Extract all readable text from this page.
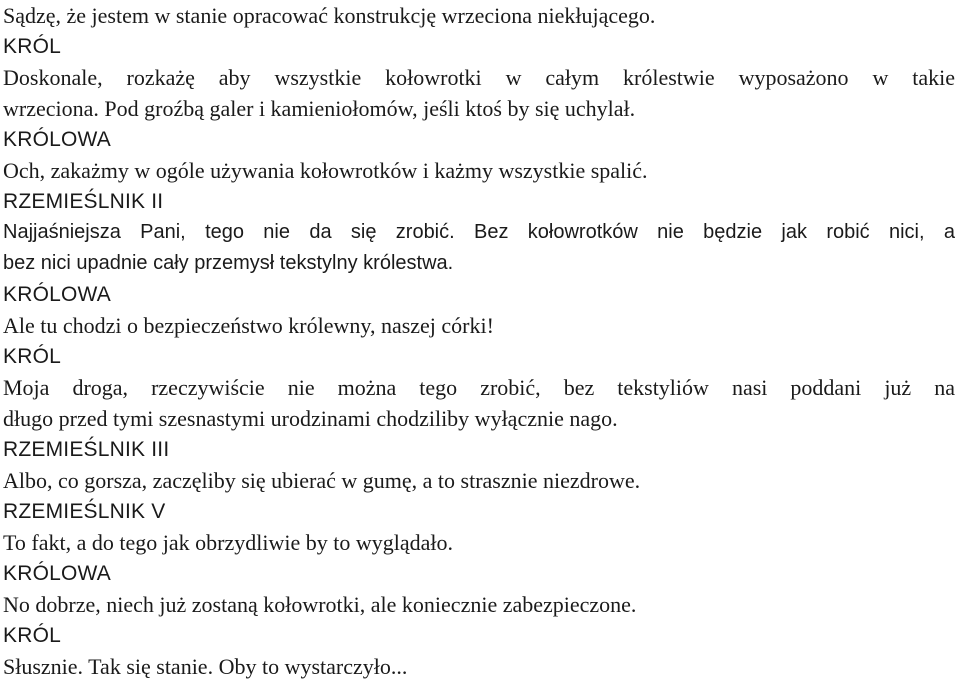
Sądzę, że jestem w stanie opracować konstrukcję wrzeciona niekłującego.
KRÓL
Doskonale, rozkażę aby wszystkie kołowrotki w całym królestwie wyposażono w takie
wrzeciona. Pod groźbą galer i kamieniołomów, jeśli ktoś by się uchylał.
KRÓLOWA
Och, zakażmy w ogóle używania kołowrotków i każmy wszystkie spalić.
RZEMIEŚLNIK II
Najjaśniejsza Pani, tego nie da się zrobić. Bez kołowrotków nie będzie jak robić nici, a
bez nici upadnie cały przemysł tekstylny królestwa.
KRÓLOWA
Ale tu chodzi o bezpieczeństwo królewny, naszej córki!
KRÓL
Moja droga, rzeczywiście nie można tego zrobić, bez tekstyliów nasi poddani już na
długo przed tymi szesnastymi urodzinami chodziliby wyłącznie nago.
RZEMIEŚLNIK III
Albo, co gorsza, zaczęliby się ubierać w gumę, a to strasznie niezdrowe.
RZEMIEŚLNIK V
To fakt, a do tego jak obrzydliwie by to wyglądało.
KRÓLOWA
No dobrze, niech już zostaną kołowrotki, ale koniecznie zabezpieczone.
KRÓL
Słusznie. Tak się stanie. Oby to wystarczyło...
